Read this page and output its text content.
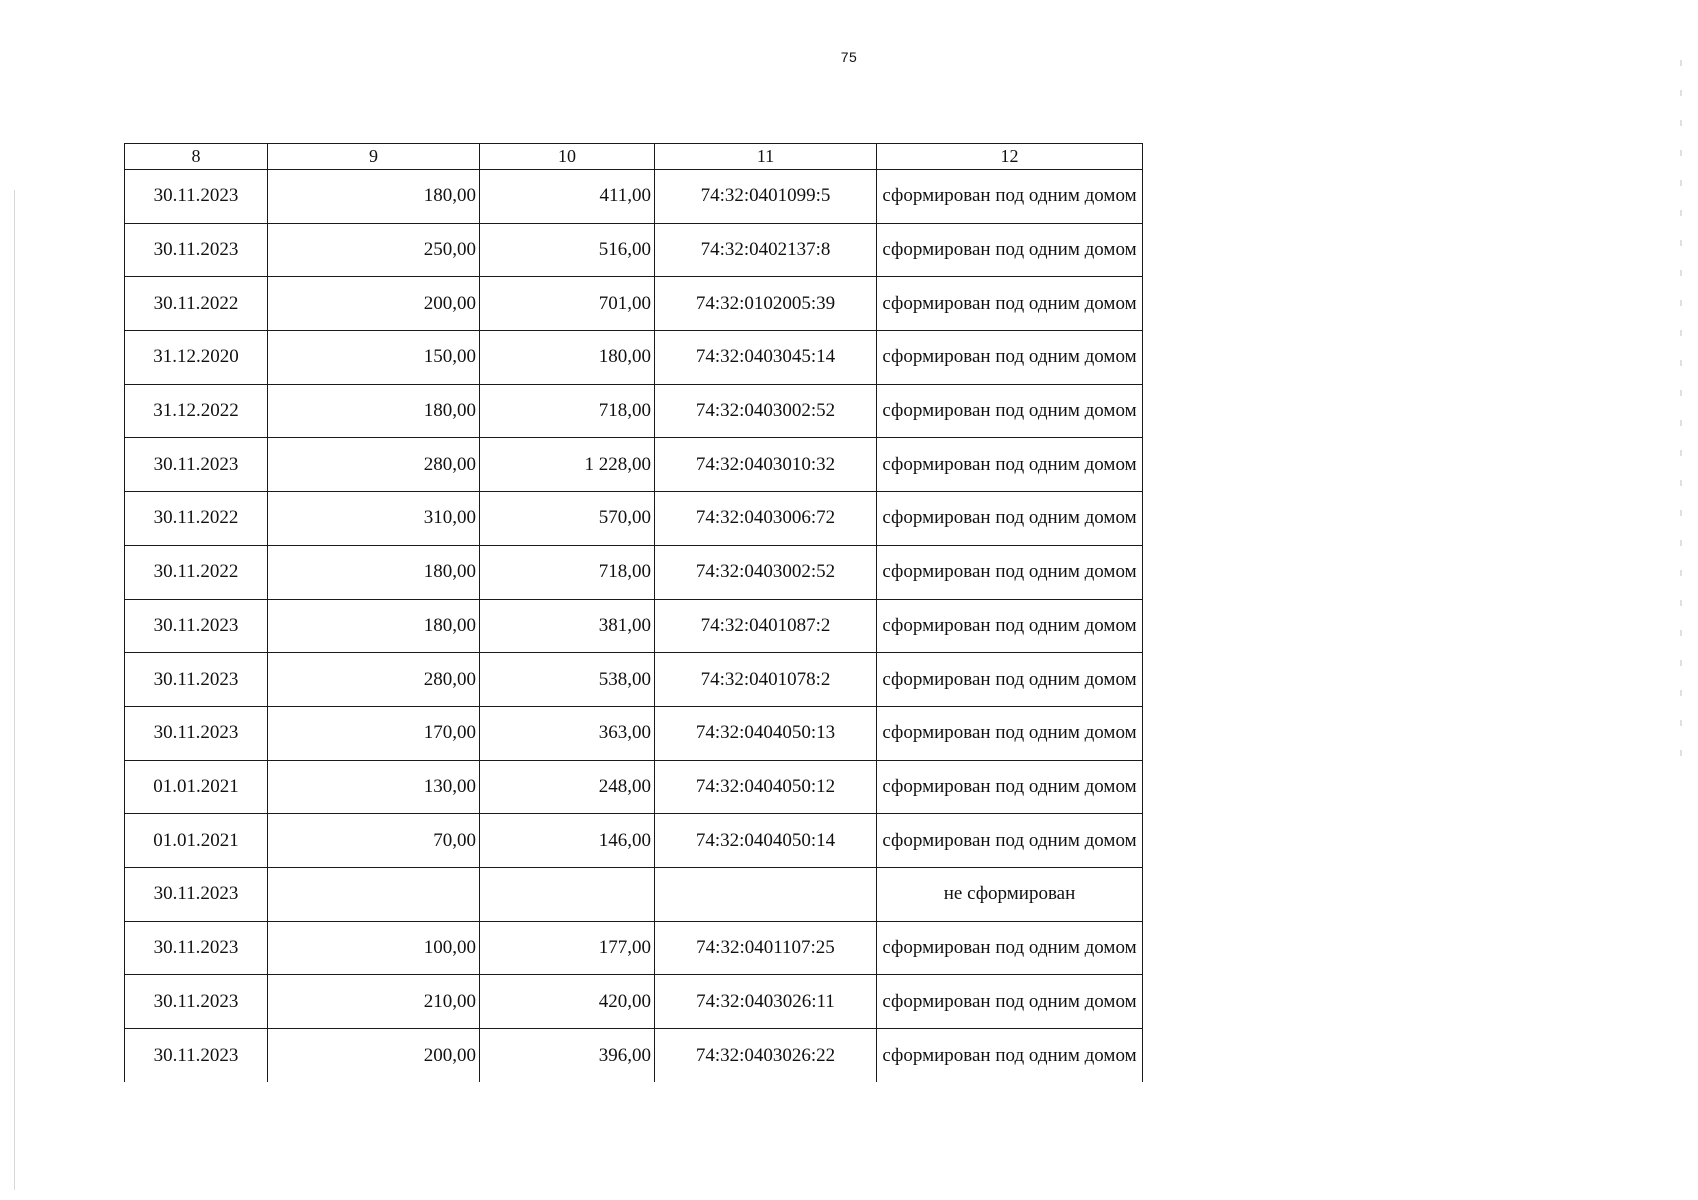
75
8	9	10	11	12
30.11.2023	180,00	411,00	74:32:0401099:5	сформирован под одним домом
30.11.2023	250,00	516,00	74:32:0402137:8	сформирован под одним домом
30.11.2022	200,00	701,00	74:32:0102005:39	сформирован под одним домом
31.12.2020	150,00	180,00	74:32:0403045:14	сформирован под одним домом
31.12.2022	180,00	718,00	74:32:0403002:52	сформирован под одним домом
30.11.2023	280,00	1 228,00	74:32:0403010:32	сформирован под одним домом
30.11.2022	310,00	570,00	74:32:0403006:72	сформирован под одним домом
30.11.2022	180,00	718,00	74:32:0403002:52	сформирован под одним домом
30.11.2023	180,00	381,00	74:32:0401087:2	сформирован под одним домом
30.11.2023	280,00	538,00	74:32:0401078:2	сформирован под одним домом
30.11.2023	170,00	363,00	74:32:0404050:13	сформирован под одним домом
01.01.2021	130,00	248,00	74:32:0404050:12	сформирован под одним домом
01.01.2021	70,00	146,00	74:32:0404050:14	сформирован под одним домом
30.11.2023				не сформирован
30.11.2023	100,00	177,00	74:32:0401107:25	сформирован под одним домом
30.11.2023	210,00	420,00	74:32:0403026:11	сформирован под одним домом
30.11.2023	200,00	396,00	74:32:0403026:22	сформирован под одним домом
